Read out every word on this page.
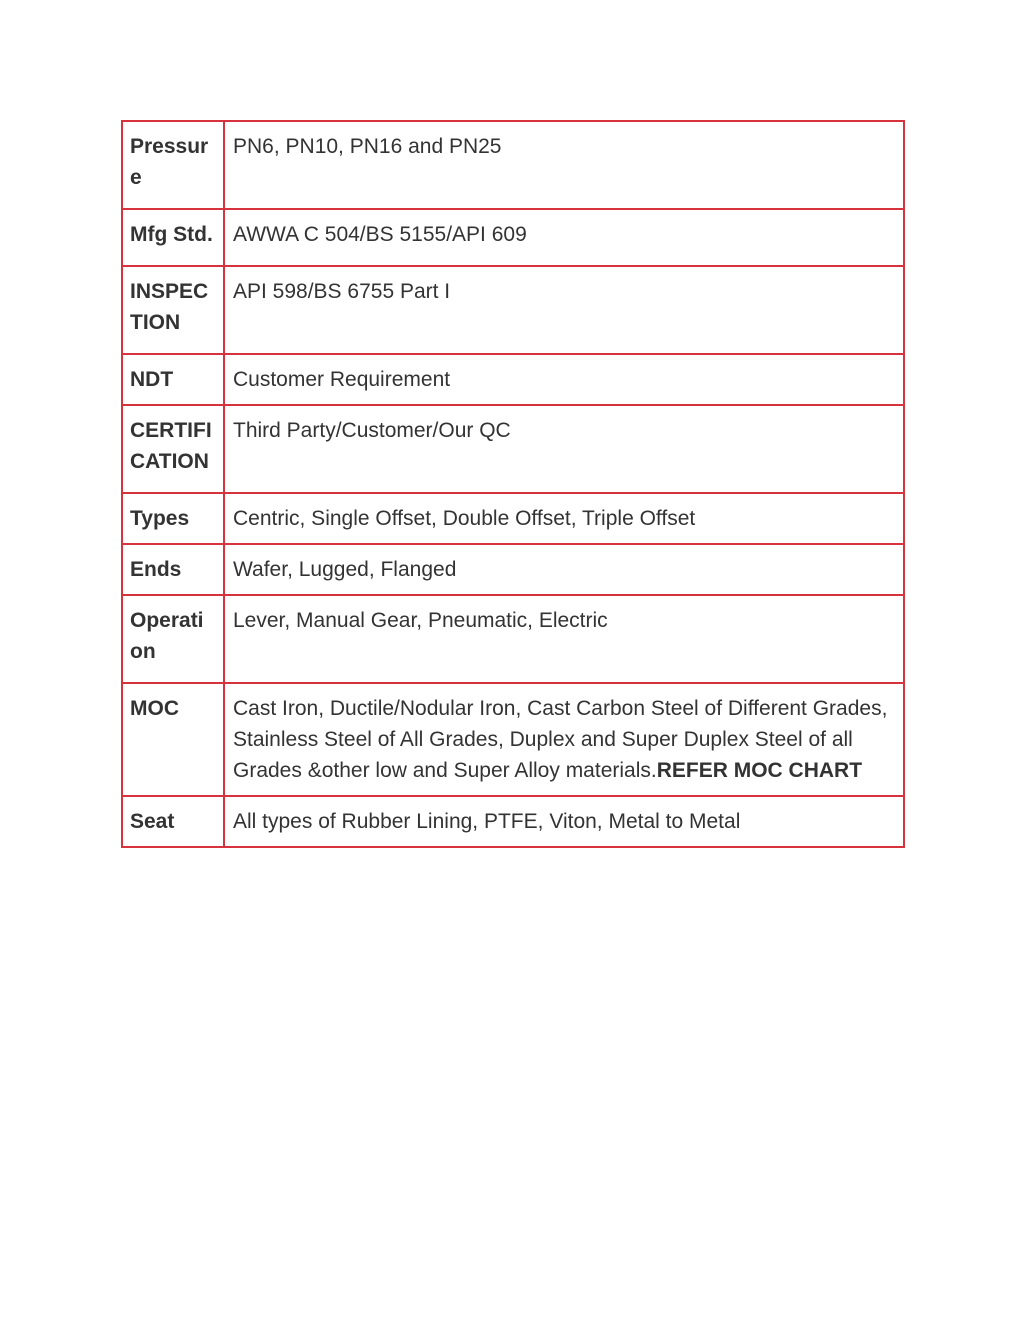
Pressure	PN6, PN10, PN16 and PN25
Mfg Std.	AWWA C 504/BS 5155/API 609
INSPECTION	API 598/BS 6755 Part I
NDT	Customer Requirement
CERTIFICATION	Third Party/Customer/Our QC
Types	Centric, Single Offset, Double Offset, Triple Offset
Ends	Wafer, Lugged, Flanged
Operation	Lever, Manual Gear, Pneumatic, Electric
MOC	Cast Iron, Ductile/Nodular Iron, Cast Carbon Steel of Different Grades, Stainless Steel of All Grades, Duplex and Super Duplex Steel of all Grades &other low and Super Alloy materials.REFER MOC CHART
Seat	All types of Rubber Lining, PTFE, Viton, Metal to Metal
